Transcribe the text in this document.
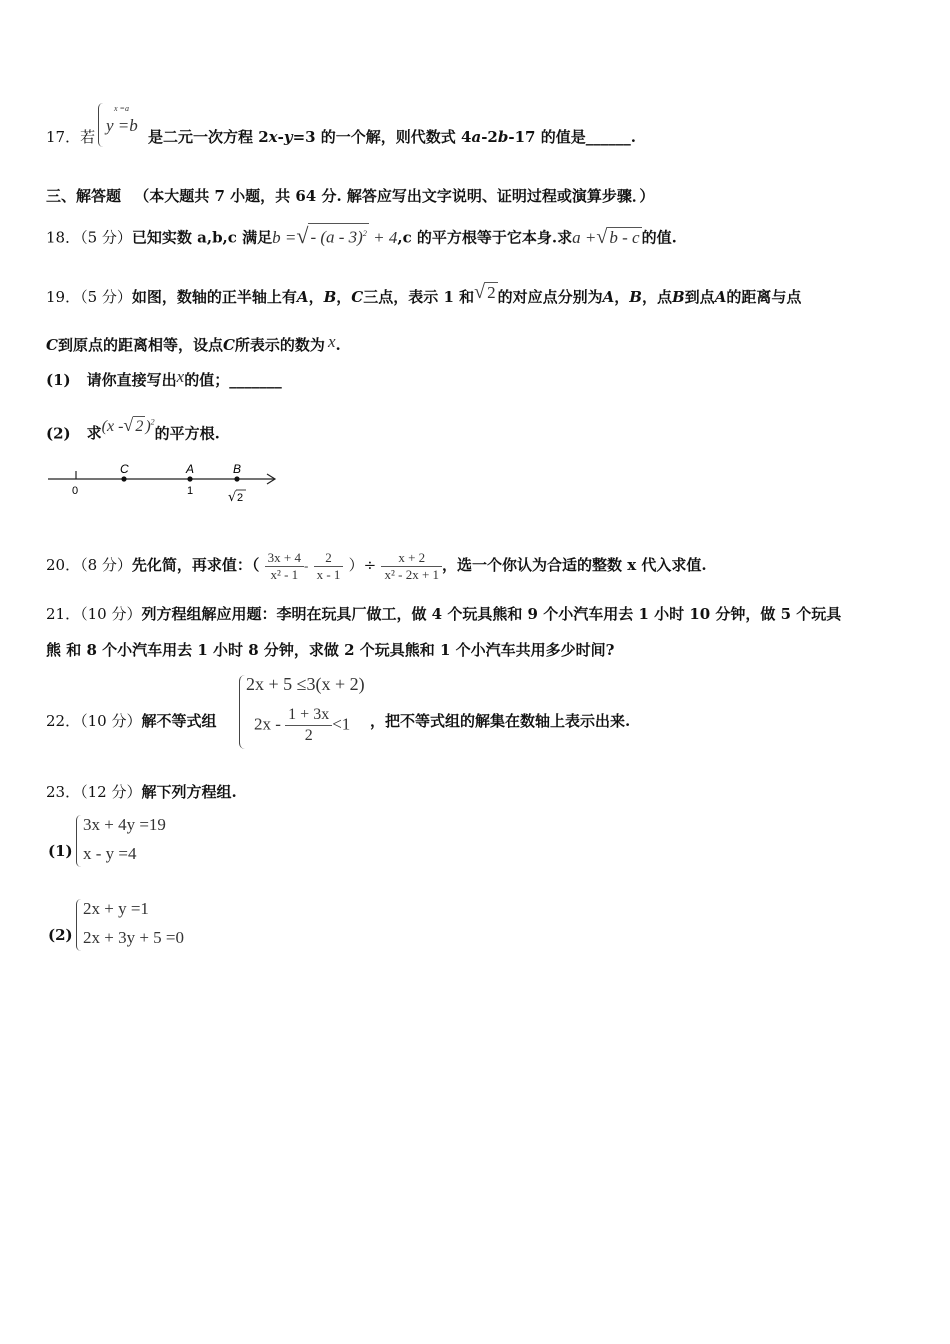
17．若
x =a
y =b
是二元一次方程 2x-y=3 的一个解，则代数式 4a-2b-17 的值是______.
三、解答题 （本大题共 7 小题，共 64 分. 解答应写出文字说明、证明过程或演算步骤．）
18．（5 分）已知实数 a,b,c 满足b =√ - (a - 3)$^2$ + 4,c 的平方根等于它本身.求a +√ b - c 的值.
19．（5 分）如图，数轴的正半轴上有A，B，C三点，表示 1 和√ 2 的对应点分别为A，B，点B到点A的距离与点
C到原点的距离相等，设点C所表示的数为 x.
(1) 请你直接写出x的值；_______
(2) 求(x -√ 2 )$^2$的平方根.
0
C	A
1
B
√ 2
20．（8 分）先化简，再求值：（ $\frac{3x + 4}{\text{x² - 1}} - \frac{2}{x - 1}$ ）÷ $\frac{x + 2}{\text{x² - 2x + 1}}$ ，选一个你认为合适的整数 x 代入求值.
21．（10 分）列方程组解应用题：李明在玩具厂做工，做 4 个玩具熊和 9 个小汽车用去 1 小时 10 分钟，做 5 个玩具
熊 和 8 个小汽车用去 1 小时 8 分钟，求做 2 个玩具熊和 1 个小汽车共用多少时间?
22．（10 分）解不等式组
2x + 5 ≤3(x + 2)
$2x - \frac{1 + 3x}{2} <1$ ，把不等式组的解集在数轴上表示出来.
23．（12 分）解下列方程组.
(1)
3x + 4y =19
x - y =4
(2)
2x + y =1
2x + 3y + 5 =0
